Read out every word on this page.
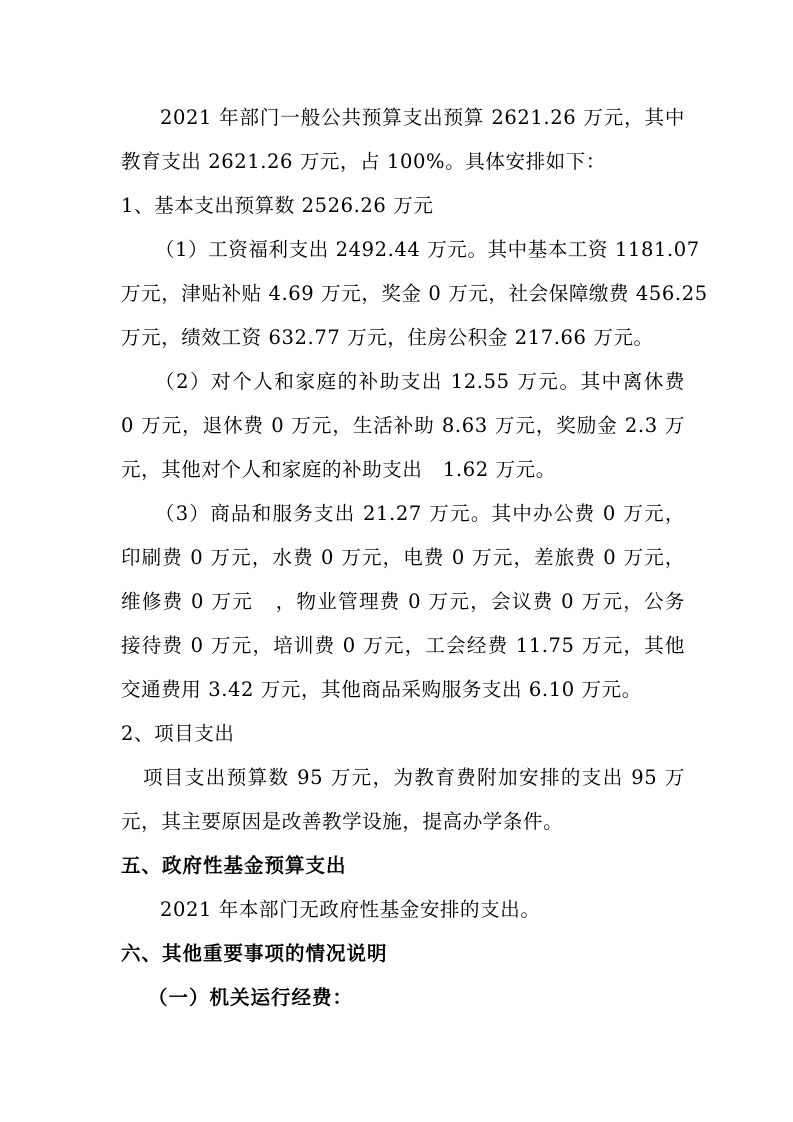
2021 年部门一般公共预算支出预算 2621.26 万元，其中

教育支出 2621.26 万元，占 100%。具体安排如下：

1、基本支出预算数 2526.26 万元

（1）工资福利支出 2492.44 万元。其中基本工资 1181.07

万元，津贴补贴 4.69 万元，奖金 0 万元，社会保障缴费 456.25

万元，绩效工资 632.77 万元，住房公积金 217.66 万元。

（2）对个人和家庭的补助支出 12.55 万元。其中离休费

0 万元，退休费 0 万元，生活补助 8.63 万元，奖励金 2.3 万

元，其他对个人和家庭的补助支出   1.62 万元。

（3）商品和服务支出 21.27 万元。其中办公费 0 万元，

印刷费 0 万元，水费 0 万元，电费 0 万元，差旅费 0 万元，

维修费 0 万元   ，物业管理费 0 万元，会议费 0 万元，公务

接待费 0 万元，培训费 0 万元，工会经费 11.75 万元，其他

交通费用 3.42 万元，其他商品采购服务支出 6.10 万元。

2、项目支出

项目支出预算数 95 万元，为教育费附加安排的支出 95 万

元，其主要原因是改善教学设施，提高办学条件。

五、政府性基金预算支出

2021 年本部门无政府性基金安排的支出。

六、其他重要事项的情况说明

（一）机关运行经费：
